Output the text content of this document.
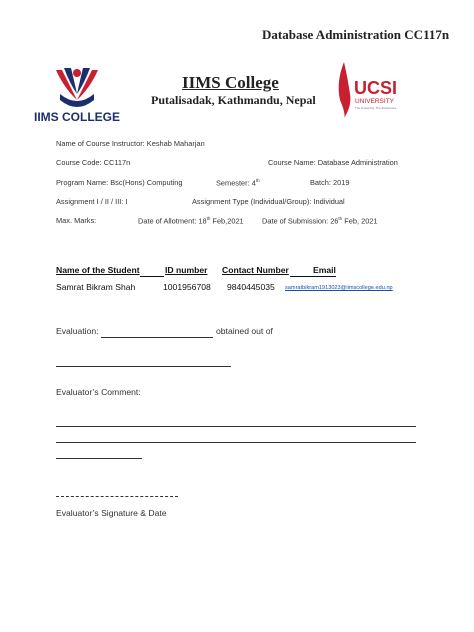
Database Administration CC117n
IIMS COLLEGE
IIMS College
Putalisadak, Kathmandu, Nepal
UCSI
UNIVERSITY
The University, The Experience
Name of Course Instructor: Keshab Maharjan
Course Code: CC117n	Course Name: Database Administration
Program Name: Bsc(Hons) Computing	Semester: 4th	Batch: 2019
Assignment I / II / III: I	Assignment Type (Individual/Group): Individual
Max. Marks:	Date of Allotment: 18th Feb,2021 Date of Submission: 26th Feb, 2021
Name of the Student	ID number Contact Number	Email
Samrat Bikram Shah	1001956708 9840445035 samratbikram1913023@iimscollege.edu.np
Evaluation:	obtained out of
Evaluator’s Comment:
Evaluator’s Signature & Date
